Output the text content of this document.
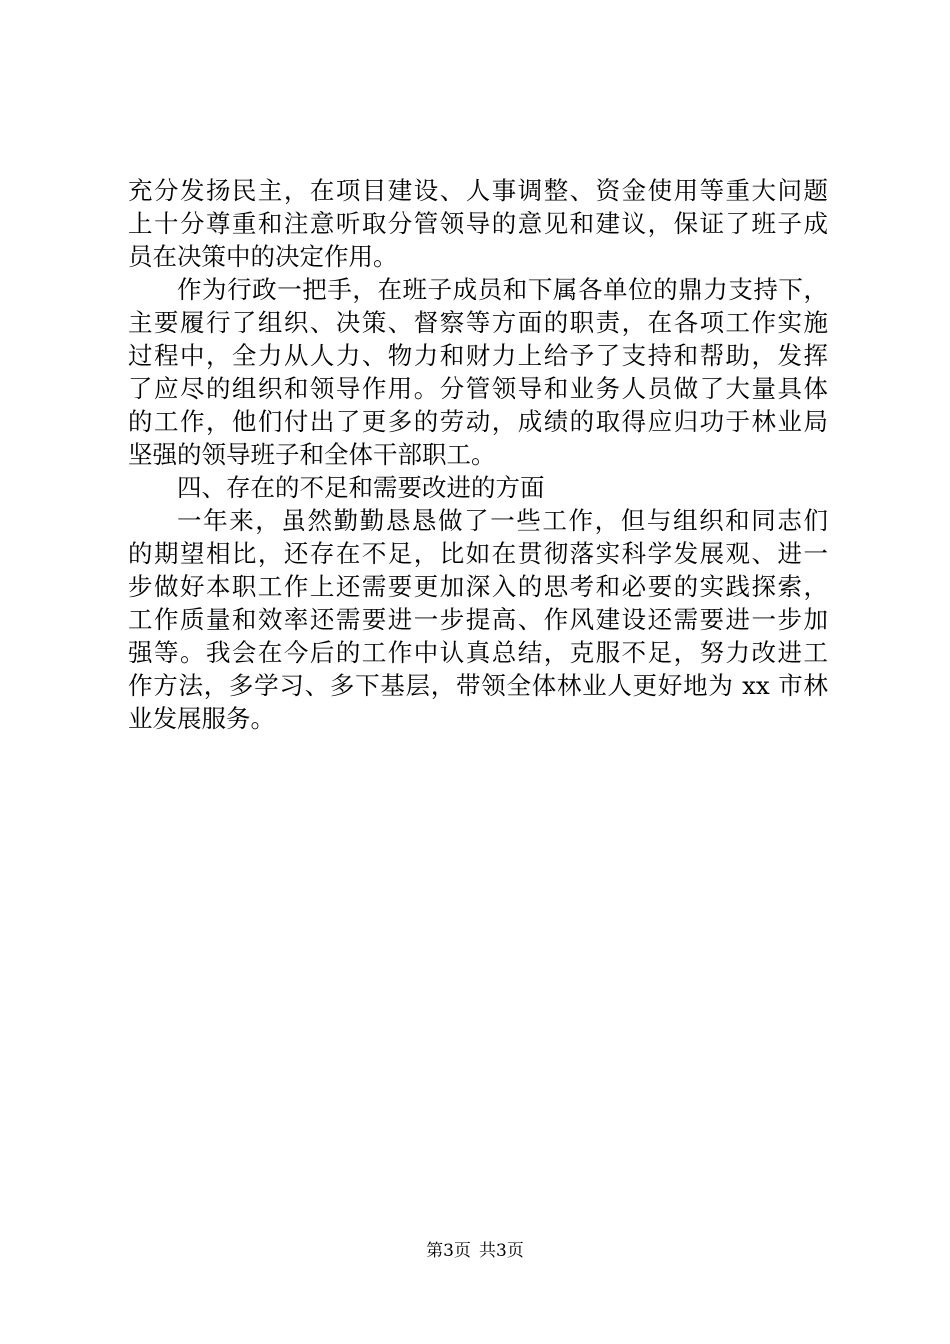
充分发扬民主，在项目建设、人事调整、资金使用等重大问题
上十分尊重和注意听取分管领导的意见和建议，保证了班子成
员在决策中的决定作用。
作为行政一把手，在班子成员和下属各单位的鼎力支持下，
主要履行了组织、决策、督察等方面的职责，在各项工作实施
过程中，全力从人力、物力和财力上给予了支持和帮助，发挥
了应尽的组织和领导作用。分管领导和业务人员做了大量具体
的工作，他们付出了更多的劳动，成绩的取得应归功于林业局
坚强的领导班子和全体干部职工。
四、存在的不足和需要改进的方面
一年来，虽然勤勤恳恳做了一些工作，但与组织和同志们
的期望相比，还存在不足，比如在贯彻落实科学发展观、进一
步做好本职工作上还需要更加深入的思考和必要的实践探索，
工作质量和效率还需要进一步提高、作风建设还需要进一步加
强等。我会在今后的工作中认真总结，克服不足，努力改进工
作方法，多学习、多下基层，带领全体林业人更好地为 xx 市林
业发展服务。
第3页 共3页
